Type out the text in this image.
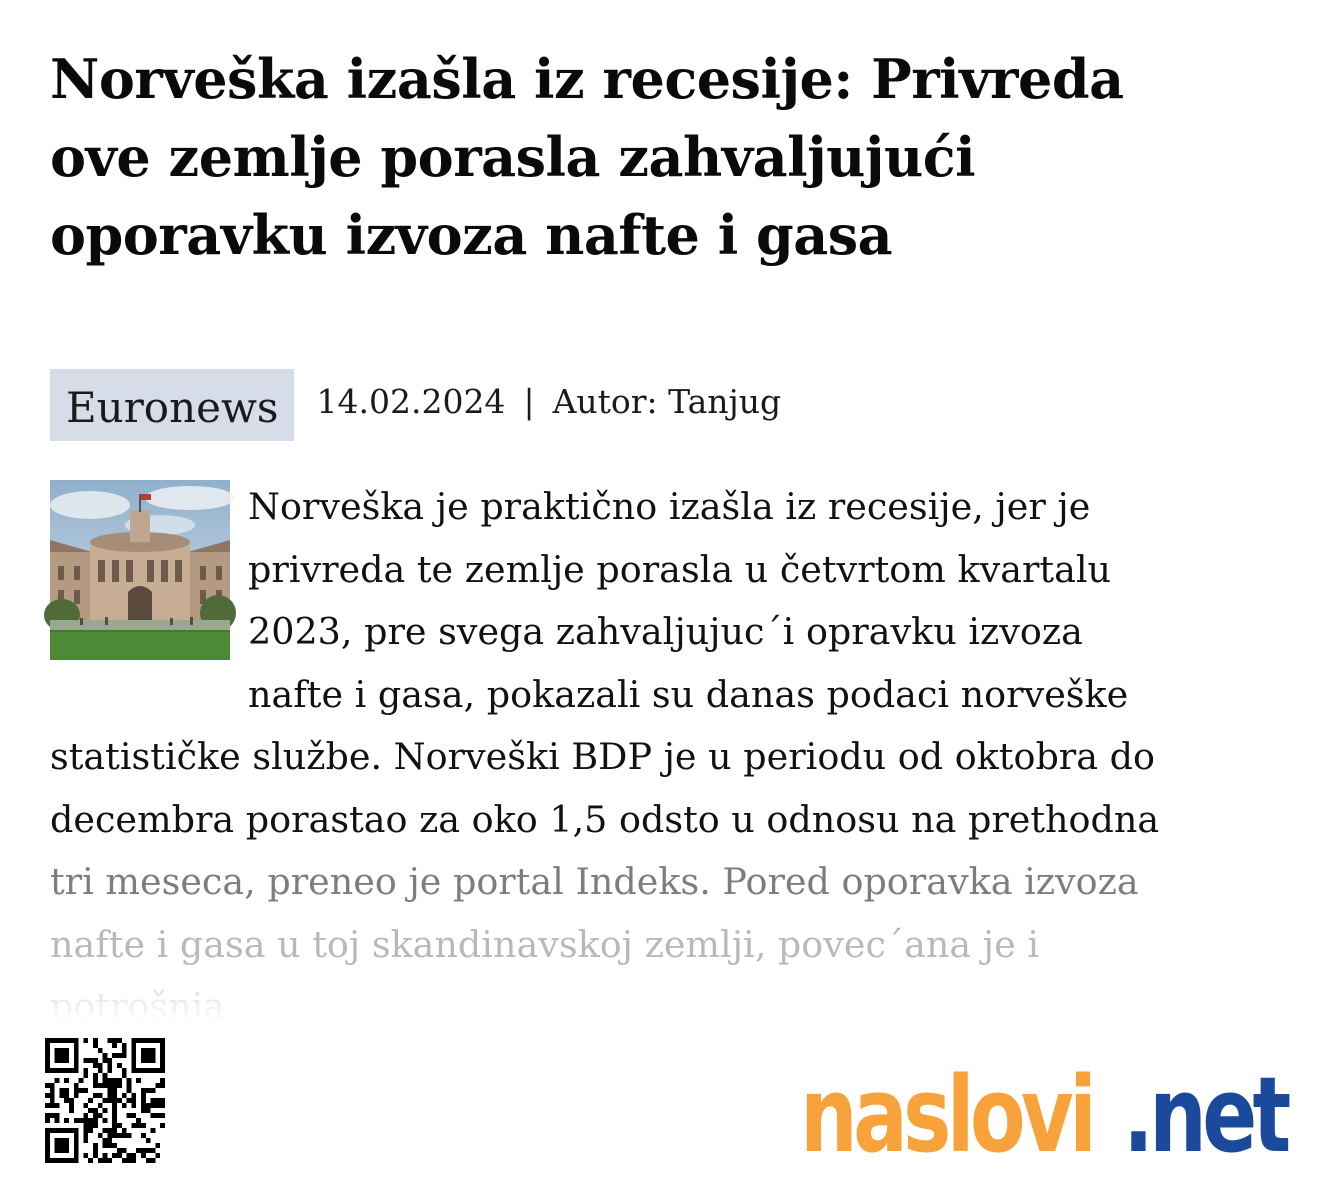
Norveška izašla iz recesije: Privreda ove zemlje porasla zahvaljujući oporavku izvoza nafte i gasa
Euronews	14.02.2024 | Autor: Tanjug

Norveška je praktično izašla iz recesije, jer je privreda te zemlje porasla u četvrtom kvartalu 2023, pre svega zahvaljujuc´i opravku izvoza nafte i gasa, pokazali su danas podaci norveške statističke službe. Norveški BDP je u periodu od oktobra do decembra porastao za oko 1,5 odsto u odnosu na prethodna tri meseca, preneo je portal Indeks. Pored oporavka izvoza nafte i gasa u toj skandinavskoj zemlji, povec´ana je i potrošnja

naslovi .net
